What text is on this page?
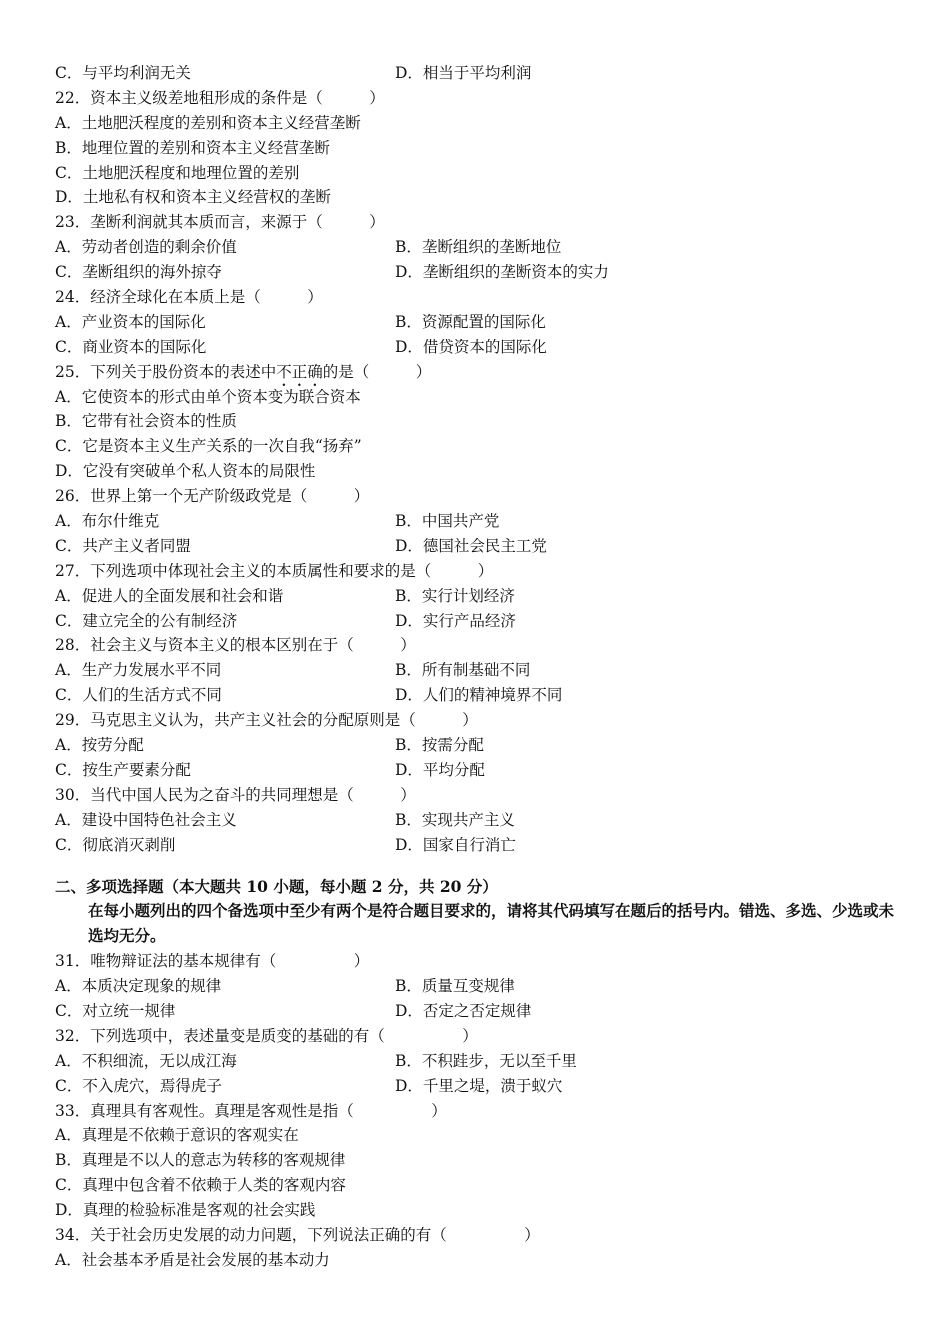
C．与平均利润无关	D．相当于平均利润
22．资本主义级差地租形成的条件是（　　　）
A．土地肥沃程度的差别和资本主义经营垄断
B．地理位置的差别和资本主义经营垄断
C．土地肥沃程度和地理位置的差别
D．土地私有权和资本主义经营权的垄断
23．垄断利润就其本质而言，来源于（　　　）
A．劳动者创造的剩余价值	B．垄断组织的垄断地位
C．垄断组织的海外掠夺	D．垄断组织的垄断资本的实力
24．经济全球化在本质上是（　　　）
A．产业资本的国际化	B．资源配置的国际化
C．商业资本的国际化	D．借贷资本的国际化
25．下列关于股份资本的表述中不正确的是（　　　）
A．它使资本的形式由单个资本变为联合资本
B．它带有社会资本的性质
C．它是资本主义生产关系的一次自我“扬弃”
D．它没有突破单个私人资本的局限性
26．世界上第一个无产阶级政党是（　　　）
A．布尔什维克	B．中国共产党
C．共产主义者同盟	D．德国社会民主工党
27．下列选项中体现社会主义的本质属性和要求的是（　　　）
A．促进人的全面发展和社会和谐	B．实行计划经济
C．建立完全的公有制经济	D．实行产品经济
28．社会主义与资本主义的根本区别在于（　　　）
A．生产力发展水平不同	B．所有制基础不同
C．人们的生活方式不同	D．人们的精神境界不同
29．马克思主义认为，共产主义社会的分配原则是（　　　）
A．按劳分配	B．按需分配
C．按生产要素分配	D．平均分配
30．当代中国人民为之奋斗的共同理想是（　　　）
A．建设中国特色社会主义	B．实现共产主义
C．彻底消灭剥削	D．国家自行消亡
二、多项选择题（本大题共 10 小题，每小题 2 分，共 20 分）
在每小题列出的四个备选项中至少有两个是符合题目要求的，请将其代码填写在题后的括号内。错选、多选、少选或未选均无分。
31．唯物辩证法的基本规律有（　　　　　）
A．本质决定现象的规律	B．质量互变规律
C．对立统一规律	D．否定之否定规律
32．下列选项中，表述量变是质变的基础的有（　　　　　）
A．不积细流，无以成江海	B．不积跬步，无以至千里
C．不入虎穴，焉得虎子	D．千里之堤，溃于蚁穴
33．真理具有客观性。真理是客观性是指（　　　　　）
A．真理是不依赖于意识的客观实在
B．真理是不以人的意志为转移的客观规律
C．真理中包含着不依赖于人类的客观内容
D．真理的检验标准是客观的社会实践
34．关于社会历史发展的动力问题，下列说法正确的有（　　　　　）
A．社会基本矛盾是社会发展的基本动力
